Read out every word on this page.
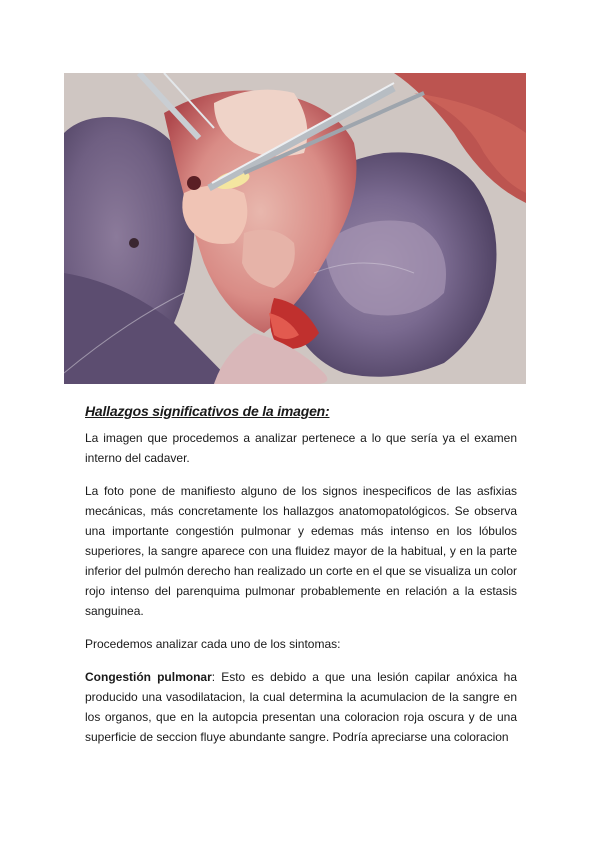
Hallazgos significativos de la imagen:

La imagen que procedemos a analizar pertenece a lo que sería ya el examen interno del cadaver.

La foto pone de manifiesto alguno de los signos inespecificos de las asfixias mecánicas, más concretamente los hallazgos anatomopatológicos. Se observa una importante congestión pulmonar y edemas más intenso en los lóbulos superiores, la sangre aparece con una fluidez mayor de la habitual, y en la parte inferior del pulmón derecho han realizado un corte en el que se visualiza un color rojo intenso del parenquima pulmonar probablemente en relación a la estasis sanguinea.

Procedemos analizar cada uno de los sintomas:

Congestión pulmonar: Esto es debido a que una lesión capilar anóxica ha producido una vasodilatacion, la cual determina la acumulacion de la sangre en los organos, que en la autopcia presentan una coloracion roja oscura y de una superficie de seccion fluye abundante sangre. Podría apreciarse una coloracion
